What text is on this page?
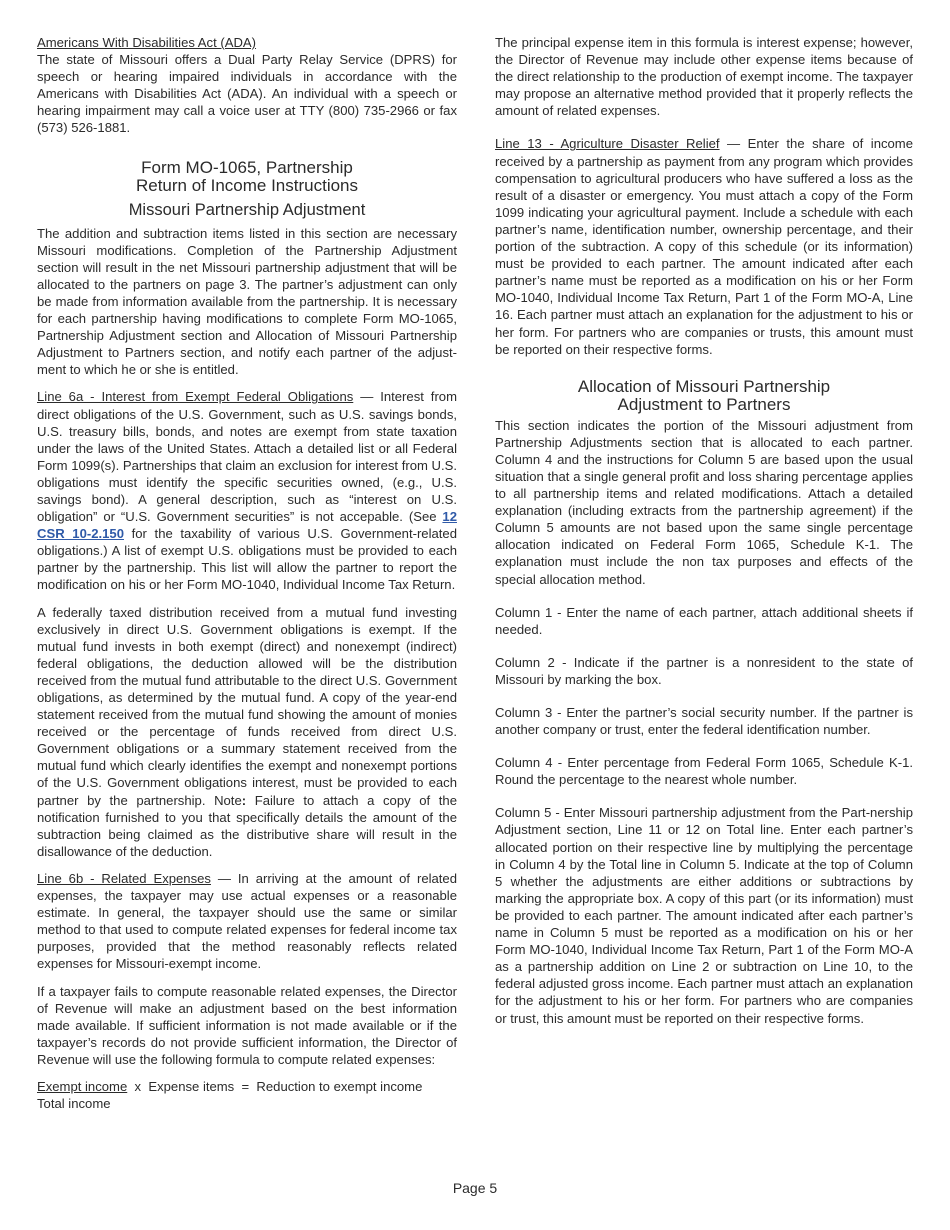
Americans With Disabilities Act (ADA)
The state of Missouri offers a Dual Party Relay Service (DPRS) for speech or hearing impaired individuals in accordance with the Americans with Disabilities Act (ADA). An individual with a speech or hearing impairment may call a voice user at TTY (800) 735-2966 or fax (573) 526-1881.

Form MO-1065, Partnership
Return of Income Instructions
Missouri Partnership Adjustment

The addition and subtraction items listed in this section are necessary Missouri modifications. Completion of the Partnership Adjustment section will result in the net Missouri partnership adjustment that will be allocated to the partners on page 3. The partner’s adjustment can only be made from information available from the partnership. It is necessary for each partnership having modifications to complete Form MO-1065, Partnership Adjustment section and Allocation of Missouri Partnership Adjustment to Partners section, and notify each partner of the adjust-ment to which he or she is entitled.

Line 6a - Interest from Exempt Federal Obligations — Interest from direct obligations of the U.S. Government, such as U.S. savings bonds, U.S. treasury bills, bonds, and notes are exempt from state taxation under the laws of the United States. Attach a detailed list or all Federal Form 1099(s). Partnerships that claim an exclusion for interest from U.S. obligations must identify the specific securities owned, (e.g., U.S. savings bond). A general description, such as “interest on U.S. obligation” or “U.S. Government securities” is not accepable. (See 12 CSR 10-2.150 for the taxability of various U.S. Government-related obligations.) A list of exempt U.S. obligations must be provided to each partner by the partnership. This list will allow the partner to report the modification on his or her Form MO-1040, Individual Income Tax Return.

A federally taxed distribution received from a mutual fund investing exclusively in direct U.S. Government obligations is exempt. If the mutual fund invests in both exempt (direct) and nonexempt (indirect) federal obligations, the deduction allowed will be the distribution received from the mutual fund attributable to the direct U.S. Government obligations, as determined by the mutual fund. A copy of the year-end statement received from the mutual fund showing the amount of monies received or the percentage of funds received from direct U.S. Government obligations or a summary statement received from the mutual fund which clearly identifies the exempt and nonexempt portions of the U.S. Government obligations interest, must be provided to each partner by the partnership. Note: Failure to attach a copy of the notification furnished to you that specifically details the amount of the subtraction being claimed as the distributive share will result in the disallowance of the deduction.

Line 6b - Related Expenses — In arriving at the amount of related expenses, the taxpayer may use actual expenses or a reasonable estimate. In general, the taxpayer should use the same or similar method to that used to compute related expenses for federal income tax purposes, provided that the method reasonably reflects related expenses for Missouri-exempt income.

If a taxpayer fails to compute reasonable related expenses, the Director of Revenue will make an adjustment based on the best information made available. If sufficient information is not made available or if the taxpayer’s records do not provide sufficient information, the Director of Revenue will use the following formula to compute related expenses:

Exempt income  x  Expense items  =  Reduction to exempt income
Total income

The principal expense item in this formula is interest expense; however, the Director of Revenue may include other expense items because of the direct relationship to the production of exempt income. The taxpayer may propose an alternative method provided that it properly reflects the amount of related expenses.

Line 13 - Agriculture Disaster Relief — Enter the share of income received by a partnership as payment from any program which provides compensation to agricultural producers who have suffered a loss as the result of a disaster or emergency. You must attach a copy of the Form 1099 indicating your agricultural payment. Include a schedule with each partner’s name, identification number, ownership percentage, and their portion of the subtraction. A copy of this schedule (or its information) must be provided to each partner. The amount indicated after each partner’s name must be reported as a modification on his or her Form MO-1040, Individual Income Tax Return, Part 1 of the Form MO-A, Line 16. Each partner must attach an explanation for the adjustment to his or her form. For partners who are companies or trusts, this amount must be reported on their respective forms.

Allocation of Missouri Partnership
Adjustment to Partners

This section indicates the portion of the Missouri adjustment from Partnership Adjustments section that is allocated to each partner. Column 4 and the instructions for Column 5 are based upon the usual situation that a single general profit and loss sharing percentage applies to all partnership items and related modifications. Attach a detailed explanation (including extracts from the partnership agreement) if the Column 5 amounts are not based upon the same single percentage allocation indicated on Federal Form 1065, Schedule K-1. The explanation must include the non tax purposes and effects of the special allocation method.

Column 1 - Enter the name of each partner, attach additional sheets if needed.

Column 2 - Indicate if the partner is a nonresident to the state of Missouri by marking the box.

Column 3 - Enter the partner’s social security number. If the partner is another company or trust, enter the federal identification number.

Column 4 - Enter percentage from Federal Form 1065, Schedule K-1. Round the percentage to the nearest whole number.

Column 5 - Enter Missouri partnership adjustment from the Part-nership Adjustment section, Line 11 or 12 on Total line. Enter each partner’s allocated portion on their respective line by multiplying the percentage in Column 4 by the Total line in Column 5. Indicate at the top of Column 5 whether the adjustments are either additions or subtractions by marking the appropriate box. A copy of this part (or its information) must be provided to each partner. The amount indicated after each partner’s name in Column 5 must be reported as a modification on his or her Form MO-1040, Individual Income Tax Return, Part 1 of the Form MO-A as a partnership addition on Line 2 or subtraction on Line 10, to the federal adjusted gross income. Each partner must attach an explanation for the adjustment to his or her form. For partners who are companies or trust, this amount must be reported on their respective forms.

Page 5
